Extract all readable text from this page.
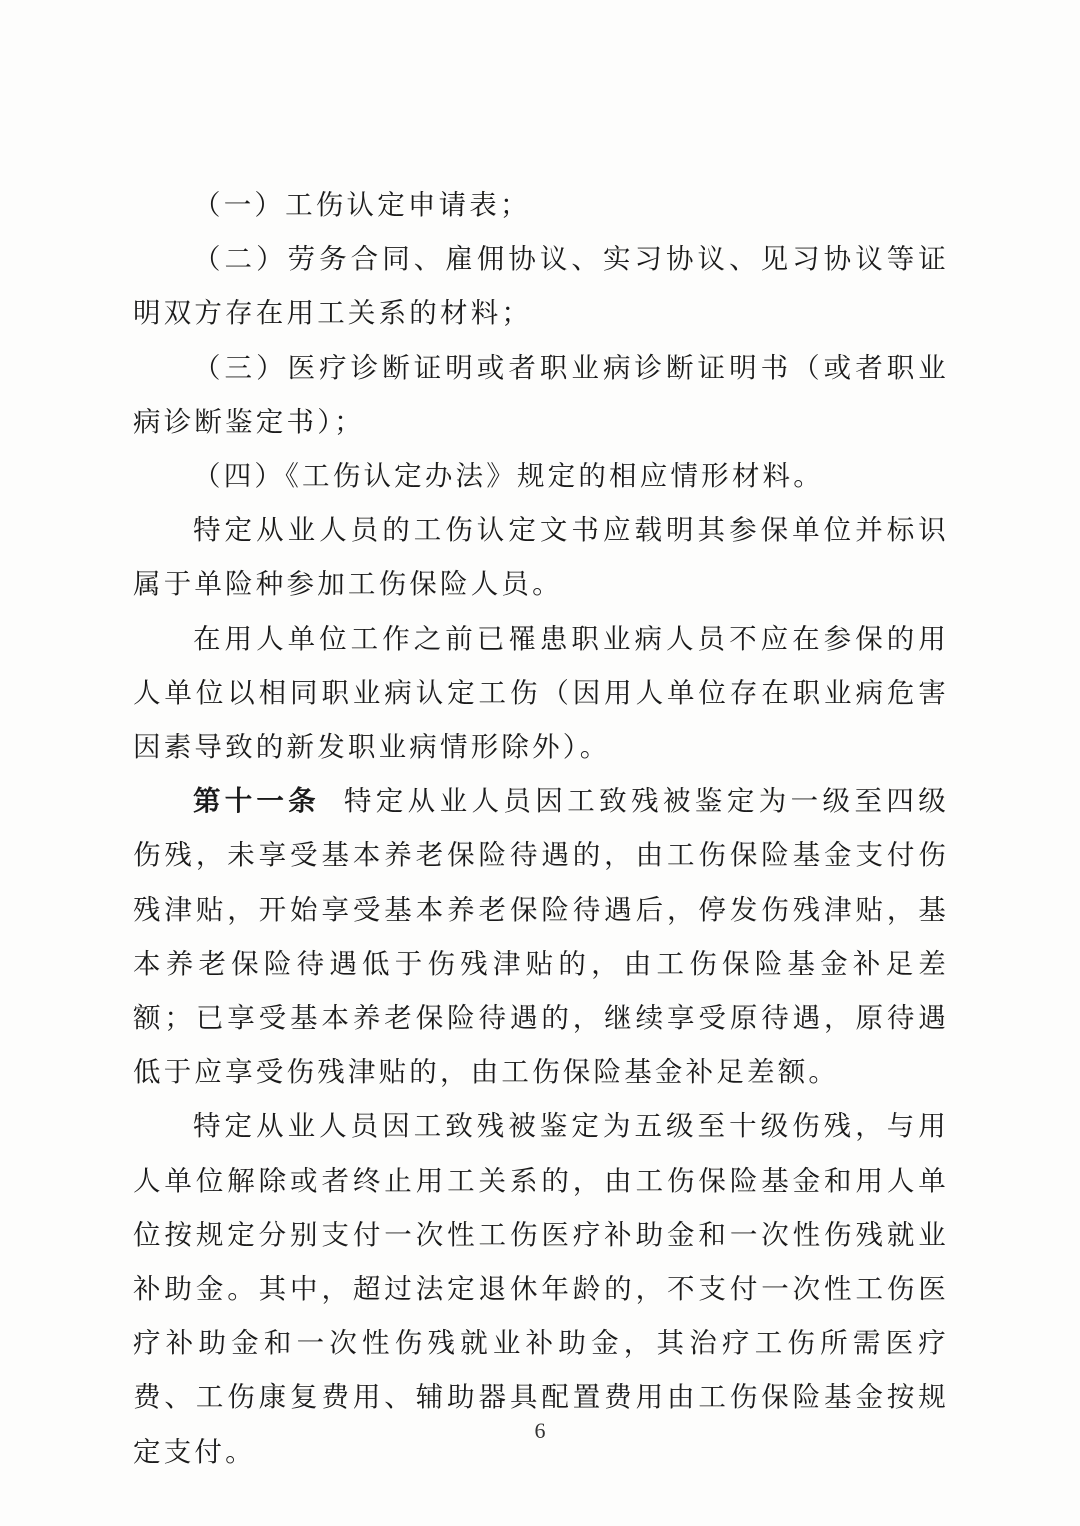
（一）工伤认定申请表；

（二）劳务合同、雇佣协议、实习协议、见习协议等证明双方存在用工关系的材料；

（三）医疗诊断证明或者职业病诊断证明书（或者职业病诊断鉴定书）；

（四）《工伤认定办法》规定的相应情形材料。

特定从业人员的工伤认定文书应载明其参保单位并标识属于单险种参加工伤保险人员。

在用人单位工作之前已罹患职业病人员不应在参保的用人单位以相同职业病认定工伤（因用人单位存在职业病危害因素导致的新发职业病情形除外）。

第十一条 特定从业人员因工致残被鉴定为一级至四级伤残，未享受基本养老保险待遇的，由工伤保险基金支付伤残津贴，开始享受基本养老保险待遇后，停发伤残津贴，基本养老保险待遇低于伤残津贴的，由工伤保险基金补足差额；已享受基本养老保险待遇的，继续享受原待遇，原待遇低于应享受伤残津贴的，由工伤保险基金补足差额。

特定从业人员因工致残被鉴定为五级至十级伤残，与用人单位解除或者终止用工关系的，由工伤保险基金和用人单位按规定分别支付一次性工伤医疗补助金和一次性伤残就业补助金。其中，超过法定退休年龄的，不支付一次性工伤医疗补助金和一次性伤残就业补助金，其治疗工伤所需医疗费、工伤康复费用、辅助器具配置费用由工伤保险基金按规定支付。

6
